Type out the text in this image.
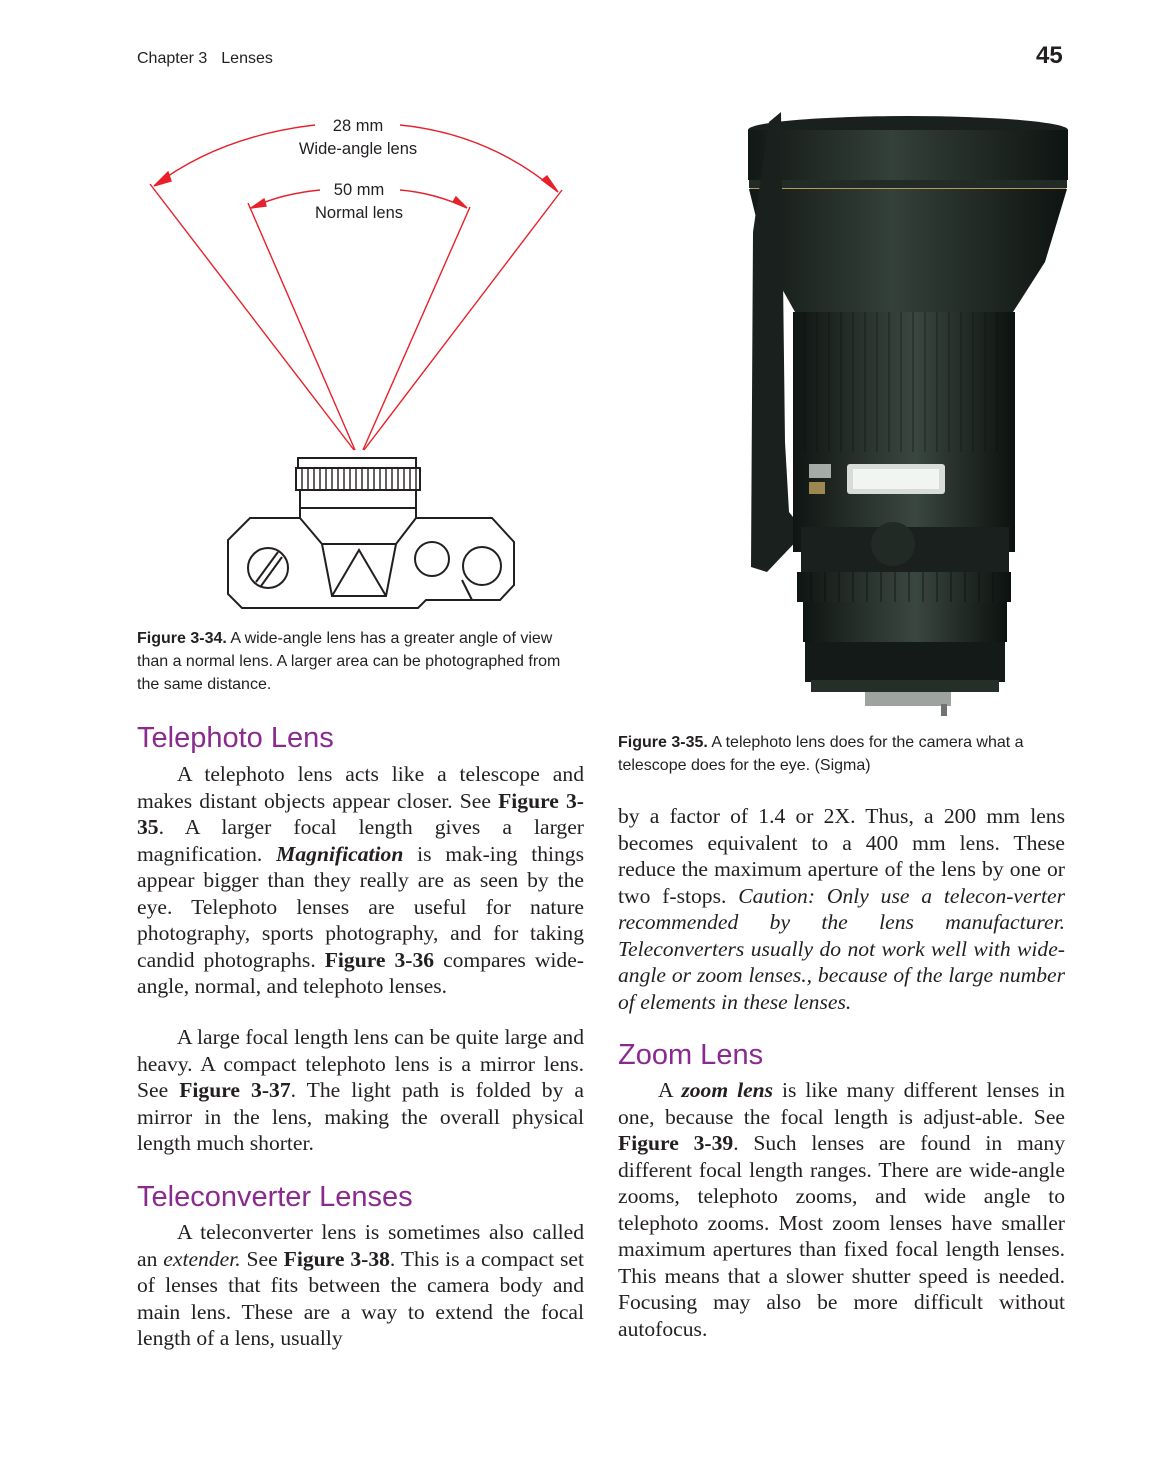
Chapter 3 Lenses	45
28 mm
Wide-angle lens
50 mm
Normal lens
Figure 3-34. A wide-angle lens has a greater angle of view than a normal lens. A larger area can be photographed from the same distance.
Figure 3-35. A telephoto lens does for the camera what a telescope does for the eye. (Sigma)
Telephoto Lens

A telephoto lens acts like a telescope and makes distant objects appear closer. See Figure 3-35. A larger focal length gives a larger magnification. Magnification is mak-ing things appear bigger than they really are as seen by the eye. Telephoto lenses are useful for nature photography, sports photography, and for taking candid photographs. Figure 3-36 compares wide-angle, normal, and telephoto lenses.

A large focal length lens can be quite large and heavy. A compact telephoto lens is a mirror lens. See Figure 3-37. The light path is folded by a mirror in the lens, making the overall physical length much shorter.

Teleconverter Lenses

A teleconverter lens is sometimes also called an extender. See Figure 3-38. This is a compact set of lenses that fits between the camera body and main lens. These are a way to extend the focal length of a lens, usually

by a factor of 1.4 or 2X. Thus, a 200 mm lens becomes equivalent to a 400 mm lens. These reduce the maximum aperture of the lens by one or two f-stops. Caution: Only use a telecon-verter recommended by the lens manufacturer. Teleconverters usually do not work well with wide-angle or zoom lenses., because of the large number of elements in these lenses.

Zoom Lens

A zoom lens is like many different lenses in one, because the focal length is adjust-able. See Figure 3-39. Such lenses are found in many different focal length ranges. There are wide-angle zooms, telephoto zooms, and wide angle to telephoto zooms. Most zoom lenses have smaller maximum apertures than fixed focal length lenses. This means that a slower shutter speed is needed. Focusing may also be more difficult without autofocus.
